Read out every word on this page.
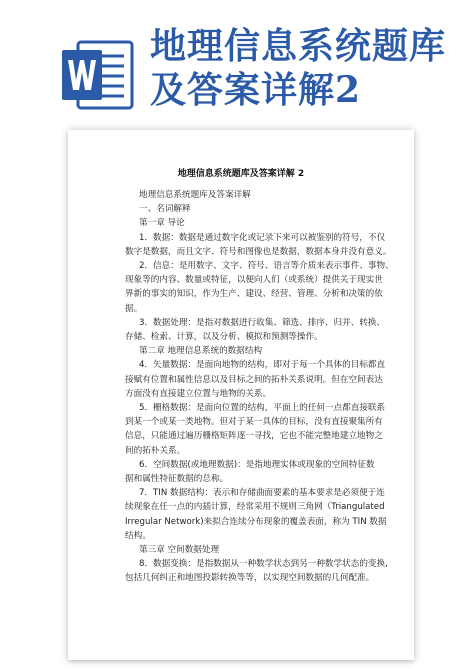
地理信息系统题库
及答案详解2
地理信息系统题库及答案详解 2

地理信息系统题库及答案详解

一、名词解释

第一章 导论

1．数据：数据是通过数字化或记录下来可以被鉴别的符号，不仅

数字是数据，而且文字、符号和图像也是数据，数据本身并没有意义。

2．信息：是用数字、文字、符号、语言等介质来表示事件、事物、

现象等的内容、数量或特征，以便向人们（或系统）提供关于现实世

界新的事实的知识，作为生产、建设、经营、管理、分析和决策的依

据。

3．数据处理：是指对数据进行收集、筛选、排序、归并、转换、

存储、检索、计算，以及分析、模拟和预测等操作。

第二章 地理信息系统的数据结构

4．矢量数据：是面向地物的结构，即对于每一个具体的目标都直

接赋有位置和属性信息以及目标之间的拓朴关系说明。但在空间表达

方面没有直接建立位置与地物的关系。

5．栅格数据：是面向位置的结构，平面上的任何一点都直接联系

到某一个或某一类地物。但对于某一具体的目标，没有直接聚集所有

信息，只能通过遍历栅格矩阵逐一寻找，它也不能完整地建立地物之

间的拓朴关系。

6．空间数据(或地理数据)：是指地理实体或现象的空间特征数

据和属性特征数据的总称。

7．TIN 数据结构：表示和存储曲面要素的基本要求是必须便于连

续现象在任一点的内插计算，经常采用不规则三角网（Triangulated

Irregular Network)来拟合连续分布现象的覆盖表面，称为 TIN 数据

结构。

第三章 空间数据处理

8．数据变换：是指数据从一种数学状态到另一种数学状态的变换,

包括几何纠正和地图投影转换等等，以实现空间数据的几何配准。
